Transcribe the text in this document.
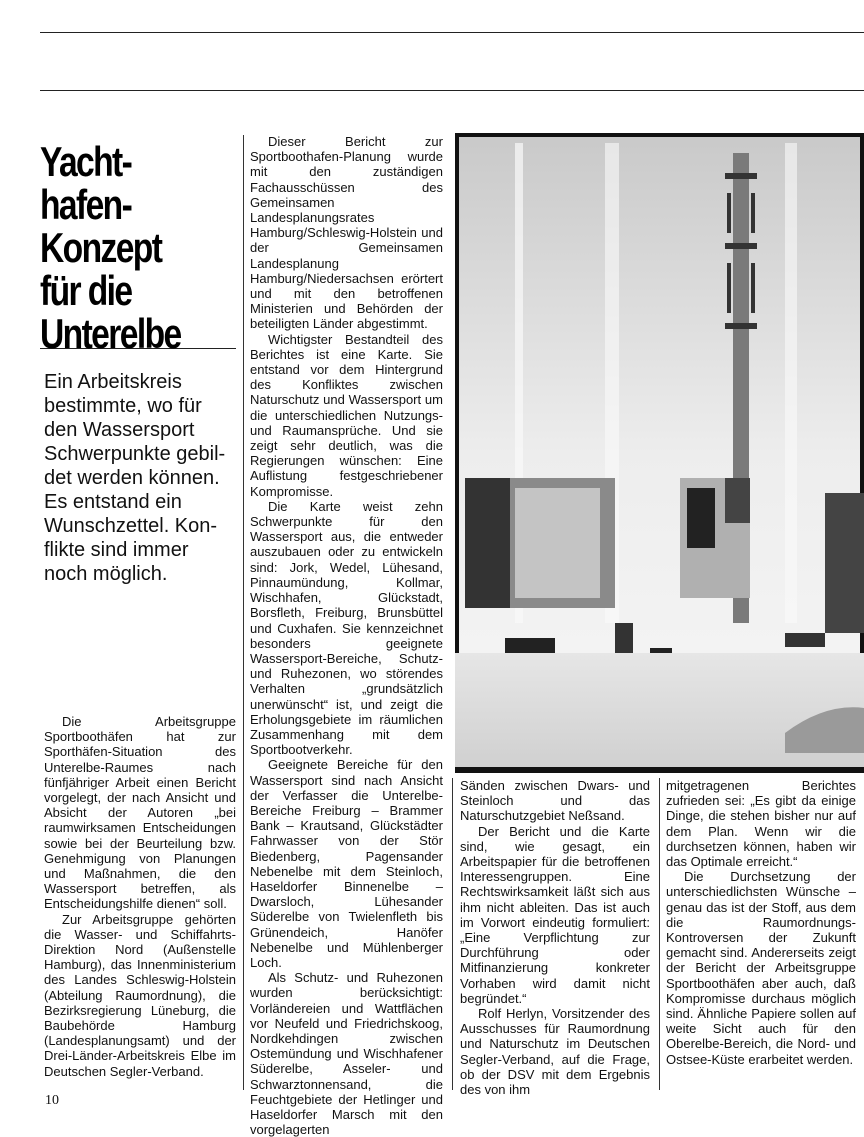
Yacht-
hafen-
Konzept
für die
Unterelbe
Ein Arbeitskreis
bestimmte, wo für
den Wassersport
Schwerpunkte gebil-
det werden können.
Es entstand ein
Wunschzettel. Kon-
flikte sind immer
noch möglich.

Die Arbeitsgruppe Sportboothäfen hat zur Sporthäfen-Situation des Unterelbe-Raumes nach fünfjähriger Arbeit einen Bericht vorgelegt, der nach Ansicht und Absicht der Autoren „bei raumwirksamen Entscheidungen sowie bei der Beurteilung bzw. Genehmigung von Planungen und Maßnahmen, die den Wassersport betreffen, als Entscheidungshilfe dienen“ soll.

Zur Arbeitsgruppe gehörten die Wasser- und Schiffahrts-Direktion Nord (Außenstelle Hamburg), das Innenministerium des Landes Schleswig-Holstein (Abteilung Raumordnung), die Bezirksregierung Lüneburg, die Baubehörde Hamburg (Landesplanungsamt) und der Drei-Länder-Arbeitskreis Elbe im Deutschen Segler-Verband.

Dieser Bericht zur Sportboothafen-Planung wurde mit den zuständigen Fachausschüssen des Gemeinsamen Landesplanungsrates Hamburg/Schleswig-Holstein und der Gemeinsamen Landesplanung Hamburg/Niedersachsen erörtert und mit den betroffenen Ministerien und Behörden der beteiligten Länder abgestimmt.

Wichtigster Bestandteil des Berichtes ist eine Karte. Sie entstand vor dem Hintergrund des Konfliktes zwischen Naturschutz und Wassersport um die unterschiedlichen Nutzungs- und Raumansprüche. Und sie zeigt sehr deutlich, was die Regierungen wünschen: Eine Auflistung festgeschriebener Kompromisse.

Die Karte weist zehn Schwerpunkte für den Wassersport aus, die entweder auszubauen oder zu entwickeln sind: Jork, Wedel, Lühesand, Pinnaumündung, Kollmar, Wischhafen, Glückstadt, Borsfleth, Freiburg, Brunsbüttel und Cuxhafen. Sie kennzeichnet besonders geeignete Wassersport-Bereiche, Schutz- und Ruhezonen, wo störendes Verhalten „grundsätzlich unerwünscht“ ist, und zeigt die Erholungsgebiete im räumlichen Zusammenhang mit dem Sportbootverkehr.

Geeignete Bereiche für den Wassersport sind nach Ansicht der Verfasser die Unterelbe-Bereiche Freiburg – Brammer Bank – Krautsand, Glückstädter Fahrwasser von der Stör Biedenberg, Pagensander Nebenelbe mit dem Steinloch, Haseldorfer Binnenelbe – Dwarsloch, Lühesander Süderelbe von Twielenfleth bis Grünendeich, Hanöfer Nebenelbe und Mühlenberger Loch.

Als Schutz- und Ruhezonen wurden berücksichtigt: Vorländereien und Wattflächen vor Neufeld und Friedrichskoog, Nordkehdingen zwischen Ostemündung und Wischhafener Süderelbe, Asseler- und Schwarztonnensand, die Feuchtgebiete der Hetlinger und Haseldorfer Marsch mit den vorgelagerten

Sänden zwischen Dwars- und Steinloch und das Naturschutzgebiet Neßsand.

Der Bericht und die Karte sind, wie gesagt, ein Arbeitspapier für die betroffenen Interessengruppen. Eine Rechtswirksamkeit läßt sich aus ihm nicht ableiten. Das ist auch im Vorwort eindeutig formuliert: „Eine Verpflichtung zur Durchführung oder Mitfinanzierung konkreter Vorhaben wird damit nicht begründet.“

Rolf Herlyn, Vorsitzender des Ausschusses für Raumordnung und Naturschutz im Deutschen Segler-Verband, auf die Frage, ob der DSV mit dem Ergebnis des von ihm

mitgetragenen Berichtes zufrieden sei: „Es gibt da einige Dinge, die stehen bisher nur auf dem Plan. Wenn wir die durchsetzen können, haben wir das Optimale erreicht.“

Die Durchsetzung der unterschiedlichsten Wünsche – genau das ist der Stoff, aus dem die Raumordnungs-Kontroversen der Zukunft gemacht sind. Andererseits zeigt der Bericht der Arbeitsgruppe Sportboothäfen aber auch, daß Kompromisse durchaus möglich sind. Ähnliche Papiere sollen auf weite Sicht auch für den Oberelbe-Bereich, die Nord- und Ostsee-Küste erarbeitet werden.

10
